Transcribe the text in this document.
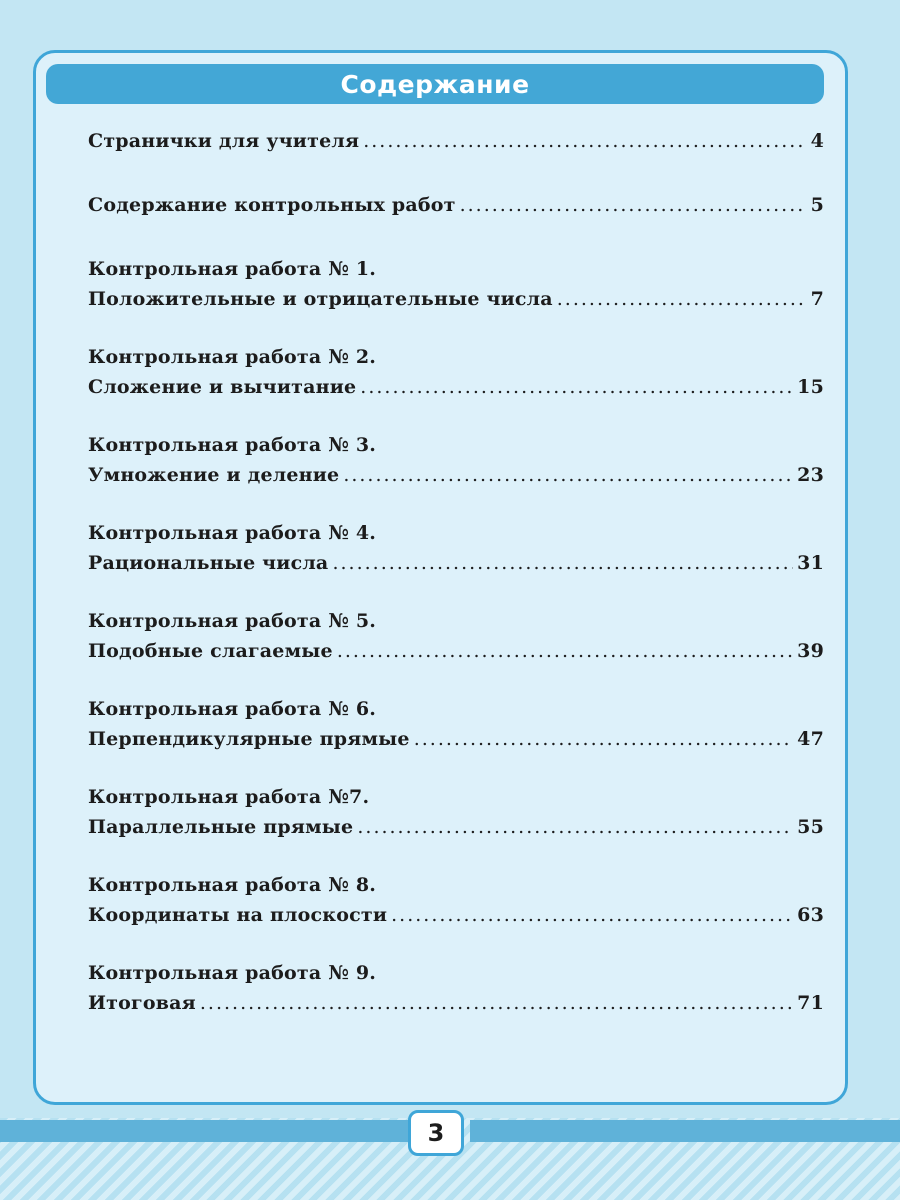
Содержание
Странички для учителя .....	4
Содержание контрольных работ .....	5
Контрольная работа № 1.
Положительные и отрицательные числа .....	7
Контрольная работа № 2.
Сложение и вычитание .....	15
Контрольная работа № 3.
Умножение и деление .....	23
Контрольная работа № 4.
Рациональные числа .....	31
Контрольная работа № 5.
Подобные слагаемые .....	39
Контрольная работа № 6.
Перпендикулярные прямые .....	47
Контрольная работа №7.
Параллельные прямые .....	55
Контрольная работа № 8.
Координаты на плоскости .....	63
Контрольная работа № 9.
Итоговая .....	71
3
